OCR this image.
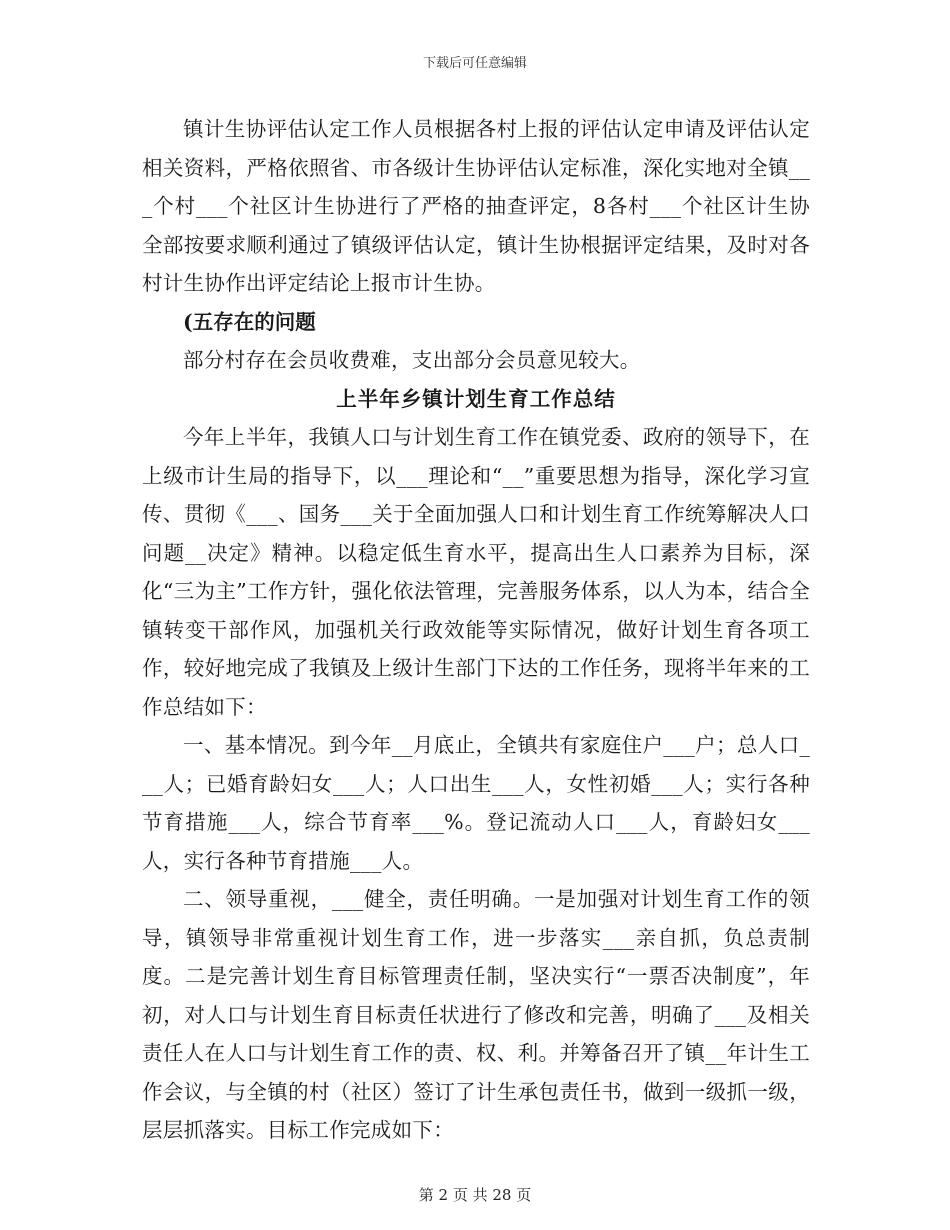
下载后可任意编辑

镇计生协评估认定工作人员根据各村上报的评估认定申请及评估认定相关资料，严格依照省、市各级计生协评估认定标准，深化实地对全镇___个村___个社区计生协进行了严格的抽查评定，8各村___个社区计生协全部按要求顺利通过了镇级评估认定，镇计生协根据评定结果，及时对各村计生协作出评定结论上报市计生协。

(五存在的问题

部分村存在会员收费难，支出部分会员意见较大。

上半年乡镇计划生育工作总结

今年上半年，我镇人口与计划生育工作在镇党委、政府的领导下，在上级市计生局的指导下，以___理论和“__”重要思想为指导，深化学习宣传、贯彻《___、国务___关于全面加强人口和计划生育工作统筹解决人口问题__决定》精神。以稳定低生育水平，提高出生人口素养为目标，深化“三为主”工作方针，强化依法管理，完善服务体系，以人为本，结合全镇转变干部作风，加强机关行政效能等实际情况，做好计划生育各项工作，较好地完成了我镇及上级计生部门下达的工作任务，现将半年来的工作总结如下：

一、基本情况。到今年__月底止，全镇共有家庭住户___户；总人口___人；已婚育龄妇女___人；人口出生___人，女性初婚___人；实行各种节育措施___人，综合节育率___%。登记流动人口___人，育龄妇女___人，实行各种节育措施___人。

二、领导重视，___健全，责任明确。一是加强对计划生育工作的领导，镇领导非常重视计划生育工作，进一步落实___亲自抓，负总责制度。二是完善计划生育目标管理责任制，坚决实行“一票否决制度”，年初，对人口与计划生育目标责任状进行了修改和完善，明确了___及相关责任人在人口与计划生育工作的责、权、利。并筹备召开了镇__年计生工作会议，与全镇的村（社区）签订了计生承包责任书，做到一级抓一级，层层抓落实。目标工作完成如下：

第 2 页 共 28 页
